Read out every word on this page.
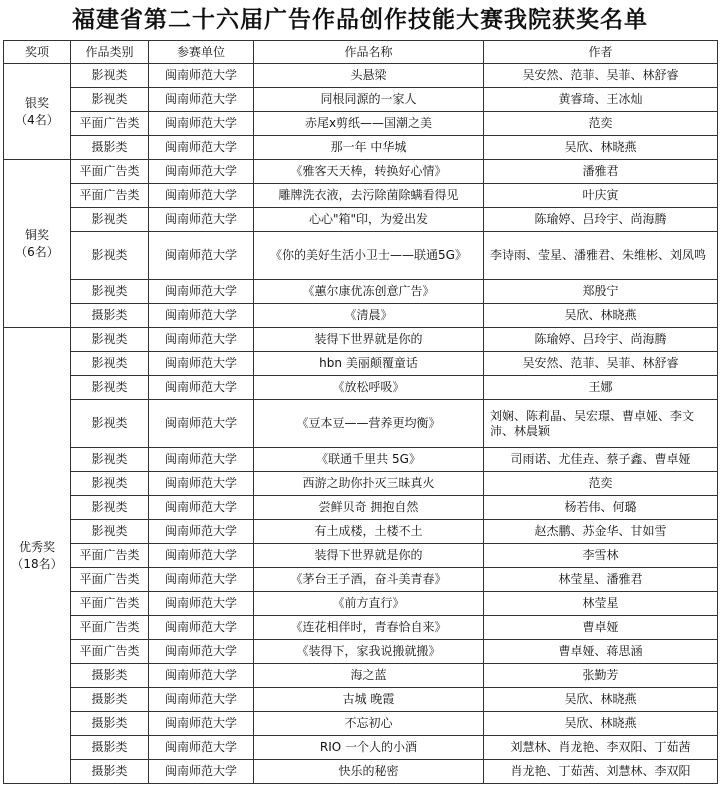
福建省第二十六届广告作品创作技能大赛我院获奖名单
奖项	作品类别	参赛单位	作品名称	作者

银奖
（4名）	影视类	闽南师范大学	头悬梁	吴安然、范菲、吴菲、林舒睿
	影视类	闽南师范大学	同根同源的一家人	黄睿琦、王冰灿
	平面广告类	闽南师范大学	赤尾x剪纸——国潮之美	范奕
	摄影类	闽南师范大学	那一年 中华城	吴欣、林晓燕

铜奖
（6名）	平面广告类	闽南师范大学	《雅客天天棒，转换好心情》	潘雅君
	平面广告类	闽南师范大学	雕牌洗衣液，去污除菌除螨看得见	叶庆寅
	影视类	闽南师范大学	心心"箱"印，为爱出发	陈瑜婷、吕玲宇、尚海腾
	影视类	闽南师范大学	《你的美好生活小卫士——联通5G》	李诗雨、莹星、潘雅君、朱维彬、刘凤鸣
	影视类	闽南师范大学	《蕙尔康优冻创意广告》	郑殷宁
	摄影类	闽南师范大学	《清晨》	吴欣、林晓燕

优秀奖
（18名）	影视类	闽南师范大学	装得下世界就是你的	陈瑜婷、吕玲宇、尚海腾
	影视类	闽南师范大学	hbn 美丽颠覆童话	吴安然、范菲、吴菲、林舒睿
	影视类	闽南师范大学	《放松呼吸》	王娜
	影视类	闽南师范大学	《豆本豆——营养更均衡》	刘娴、陈莉晶、吴宏璟、曹卓娅、李文沛、林晨颖
	影视类	闽南师范大学	《联通千里共 5G》	司雨诺、尤佳垚、蔡子鑫、曹卓娅
	影视类	闽南师范大学	西游之助你扑灭三昧真火	范奕
	影视类	闽南师范大学	尝鲜贝奇 拥抱自然	杨若伟、何璐
	影视类	闽南师范大学	有土成楼，土楼不土	赵杰鹏、苏金华、甘如雪
	平面广告类	闽南师范大学	装得下世界就是你的	李雪林
	平面广告类	闽南师范大学	《茅台王子酒，奋斗美青春》	林莹星、潘雅君
	平面广告类	闽南师范大学	《前方直行》	林莹星
	平面广告类	闽南师范大学	《连花相伴时，青春恰自来》	曹卓娅
	平面广告类	闽南师范大学	《装得下，家我说搬就搬》	曹卓娅、蒋思涵
	摄影类	闽南师范大学	海之蓝	张勤芳
	摄影类	闽南师范大学	古城 晚霞	吴欣、林晓燕
	摄影类	闽南师范大学	不忘初心	吴欣、林晓燕
	摄影类	闽南师范大学	RIO 一个人的小酒	刘慧林、肖龙艳、李双阳、丁茹茜
	摄影类	闽南师范大学	快乐的秘密	肖龙艳、丁茹茜、刘慧林、李双阳
